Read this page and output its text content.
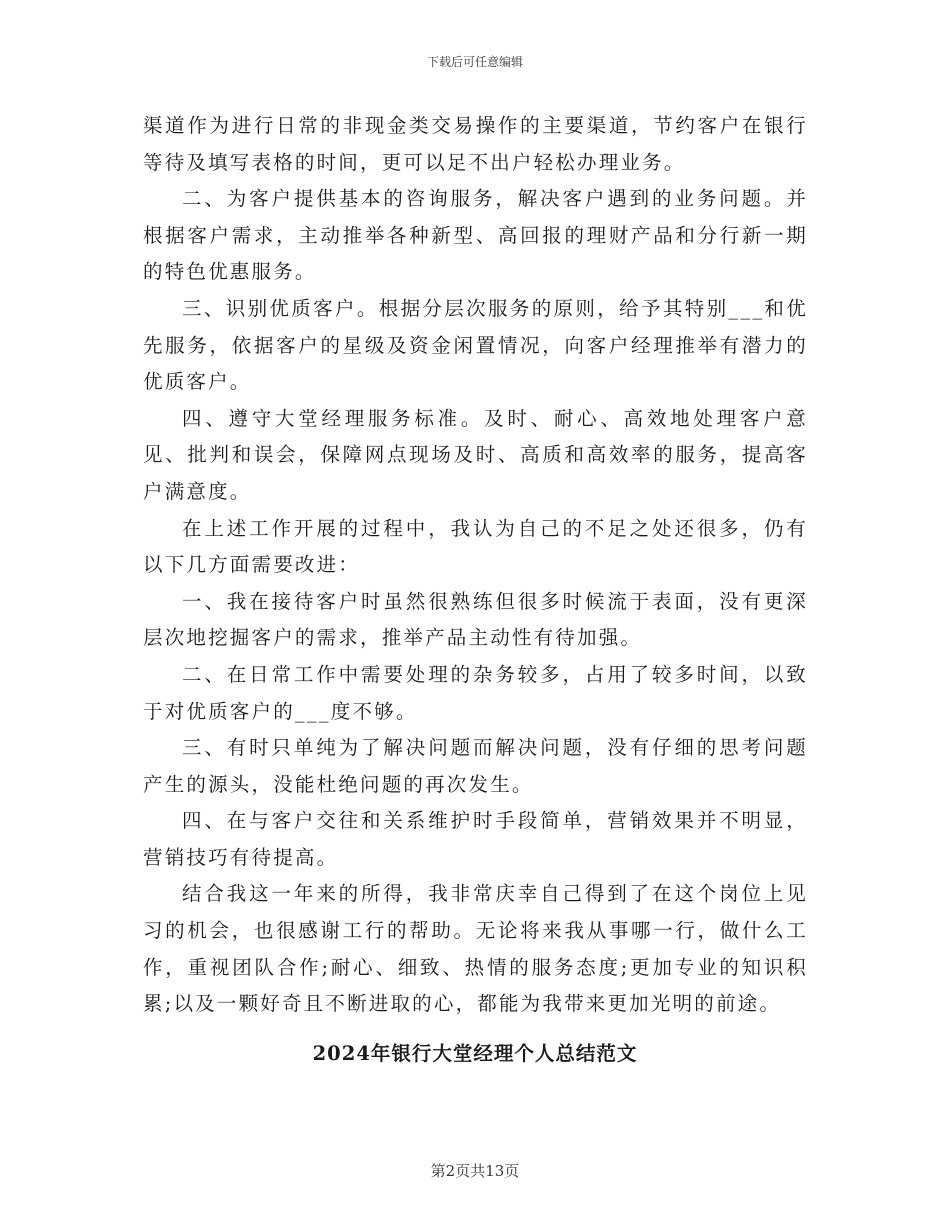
下载后可任意编辑

渠道作为进行日常的非现金类交易操作的主要渠道，节约客户在银行等待及填写表格的时间，更可以足不出户轻松办理业务。

二、为客户提供基本的咨询服务，解决客户遇到的业务问题。并根据客户需求，主动推举各种新型、高回报的理财产品和分行新一期的特色优惠服务。

三、识别优质客户。根据分层次服务的原则，给予其特别___和优先服务，依据客户的星级及资金闲置情况，向客户经理推举有潜力的优质客户。

四、遵守大堂经理服务标准。及时、耐心、高效地处理客户意见、批判和误会，保障网点现场及时、高质和高效率的服务，提高客户满意度。

在上述工作开展的过程中，我认为自己的不足之处还很多，仍有以下几方面需要改进：

一、我在接待客户时虽然很熟练但很多时候流于表面，没有更深层次地挖掘客户的需求，推举产品主动性有待加强。

二、在日常工作中需要处理的杂务较多，占用了较多时间，以致于对优质客户的___度不够。

三、有时只单纯为了解决问题而解决问题，没有仔细的思考问题产生的源头，没能杜绝问题的再次发生。

四、在与客户交往和关系维护时手段简单，营销效果并不明显，营销技巧有待提高。

结合我这一年来的所得，我非常庆幸自己得到了在这个岗位上见习的机会，也很感谢工行的帮助。无论将来我从事哪一行，做什么工作，重视团队合作;耐心、细致、热情的服务态度;更加专业的知识积累;以及一颗好奇且不断进取的心，都能为我带来更加光明的前途。

2024年银行大堂经理个人总结范文
第2页共13页
